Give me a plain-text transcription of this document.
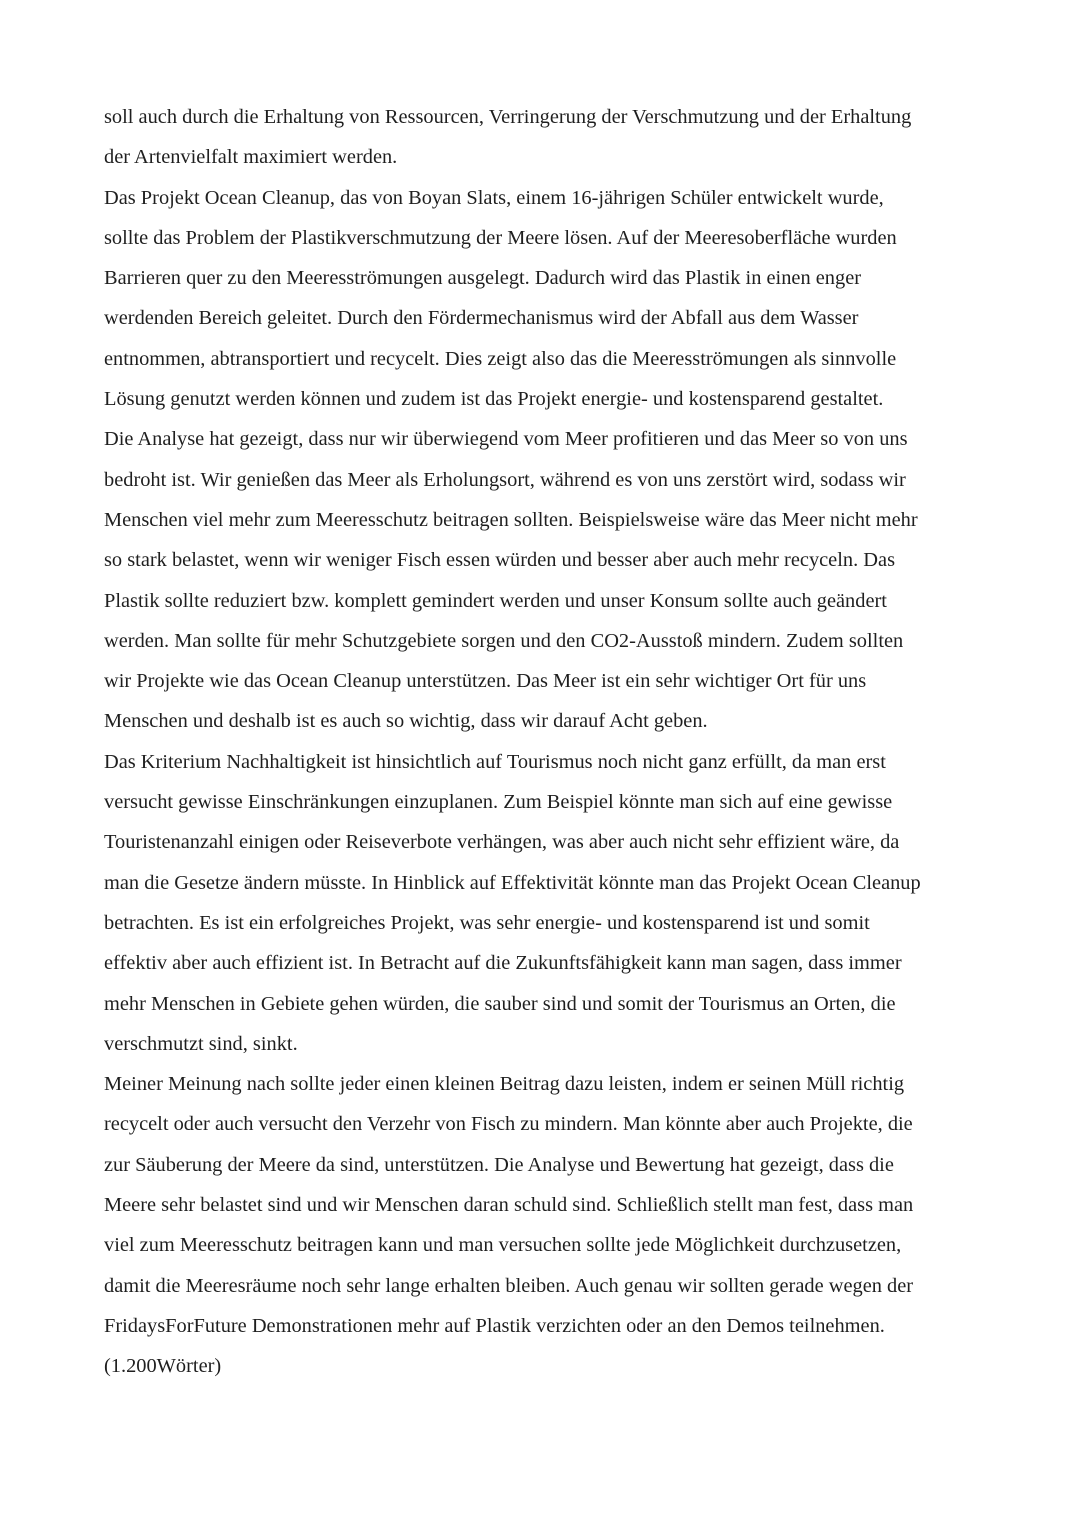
soll auch durch die Erhaltung von Ressourcen, Verringerung der Verschmutzung und der Erhaltung
der Artenvielfalt maximiert werden.
Das Projekt Ocean Cleanup, das von Boyan Slats, einem 16-jährigen Schüler entwickelt wurde,
sollte das Problem der Plastikverschmutzung der Meere lösen. Auf der Meeresoberfläche wurden
Barrieren quer zu den Meeresströmungen ausgelegt. Dadurch wird das Plastik in einen enger
werdenden Bereich geleitet. Durch den Fördermechanismus wird der Abfall aus dem Wasser
entnommen, abtransportiert und recycelt. Dies zeigt also das die Meeresströmungen als sinnvolle
Lösung genutzt werden können und zudem ist das Projekt energie- und kostensparend gestaltet.
Die Analyse hat gezeigt, dass nur wir überwiegend vom Meer profitieren und das Meer so von uns
bedroht ist. Wir genießen das Meer als Erholungsort, während es von uns zerstört wird, sodass wir
Menschen viel mehr zum Meeresschutz beitragen sollten. Beispielsweise wäre das Meer nicht mehr
so stark belastet, wenn wir weniger Fisch essen würden und besser aber auch mehr recyceln. Das
Plastik sollte reduziert bzw. komplett gemindert werden und unser Konsum sollte auch geändert
werden. Man sollte für mehr Schutzgebiete sorgen und den CO2-Ausstoß mindern. Zudem sollten
wir Projekte wie das Ocean Cleanup unterstützen. Das Meer ist ein sehr wichtiger Ort für uns
Menschen und deshalb ist es auch so wichtig, dass wir darauf Acht geben.
Das Kriterium Nachhaltigkeit ist hinsichtlich auf Tourismus noch nicht ganz erfüllt, da man erst
versucht gewisse Einschränkungen einzuplanen. Zum Beispiel könnte man sich auf eine gewisse
Touristenanzahl einigen oder Reiseverbote verhängen, was aber auch nicht sehr effizient wäre, da
man die Gesetze ändern müsste. In Hinblick auf Effektivität könnte man das Projekt Ocean Cleanup
betrachten. Es ist ein erfolgreiches Projekt, was sehr energie- und kostensparend ist und somit
effektiv aber auch effizient ist. In Betracht auf die Zukunftsfähigkeit kann man sagen, dass immer
mehr Menschen in Gebiete gehen würden, die sauber sind und somit der Tourismus an Orten, die
verschmutzt sind, sinkt.
Meiner Meinung nach sollte jeder einen kleinen Beitrag dazu leisten, indem er seinen Müll richtig
recycelt oder auch versucht den Verzehr von Fisch zu mindern. Man könnte aber auch Projekte, die
zur Säuberung der Meere da sind, unterstützen. Die Analyse und Bewertung hat gezeigt, dass die
Meere sehr belastet sind und wir Menschen daran schuld sind. Schließlich stellt man fest, dass man
viel zum Meeresschutz beitragen kann und man versuchen sollte jede Möglichkeit durchzusetzen,
damit die Meeresräume noch sehr lange erhalten bleiben. Auch genau wir sollten gerade wegen der
FridaysForFuture Demonstrationen mehr auf Plastik verzichten oder an den Demos teilnehmen.
(1.200Wörter)
